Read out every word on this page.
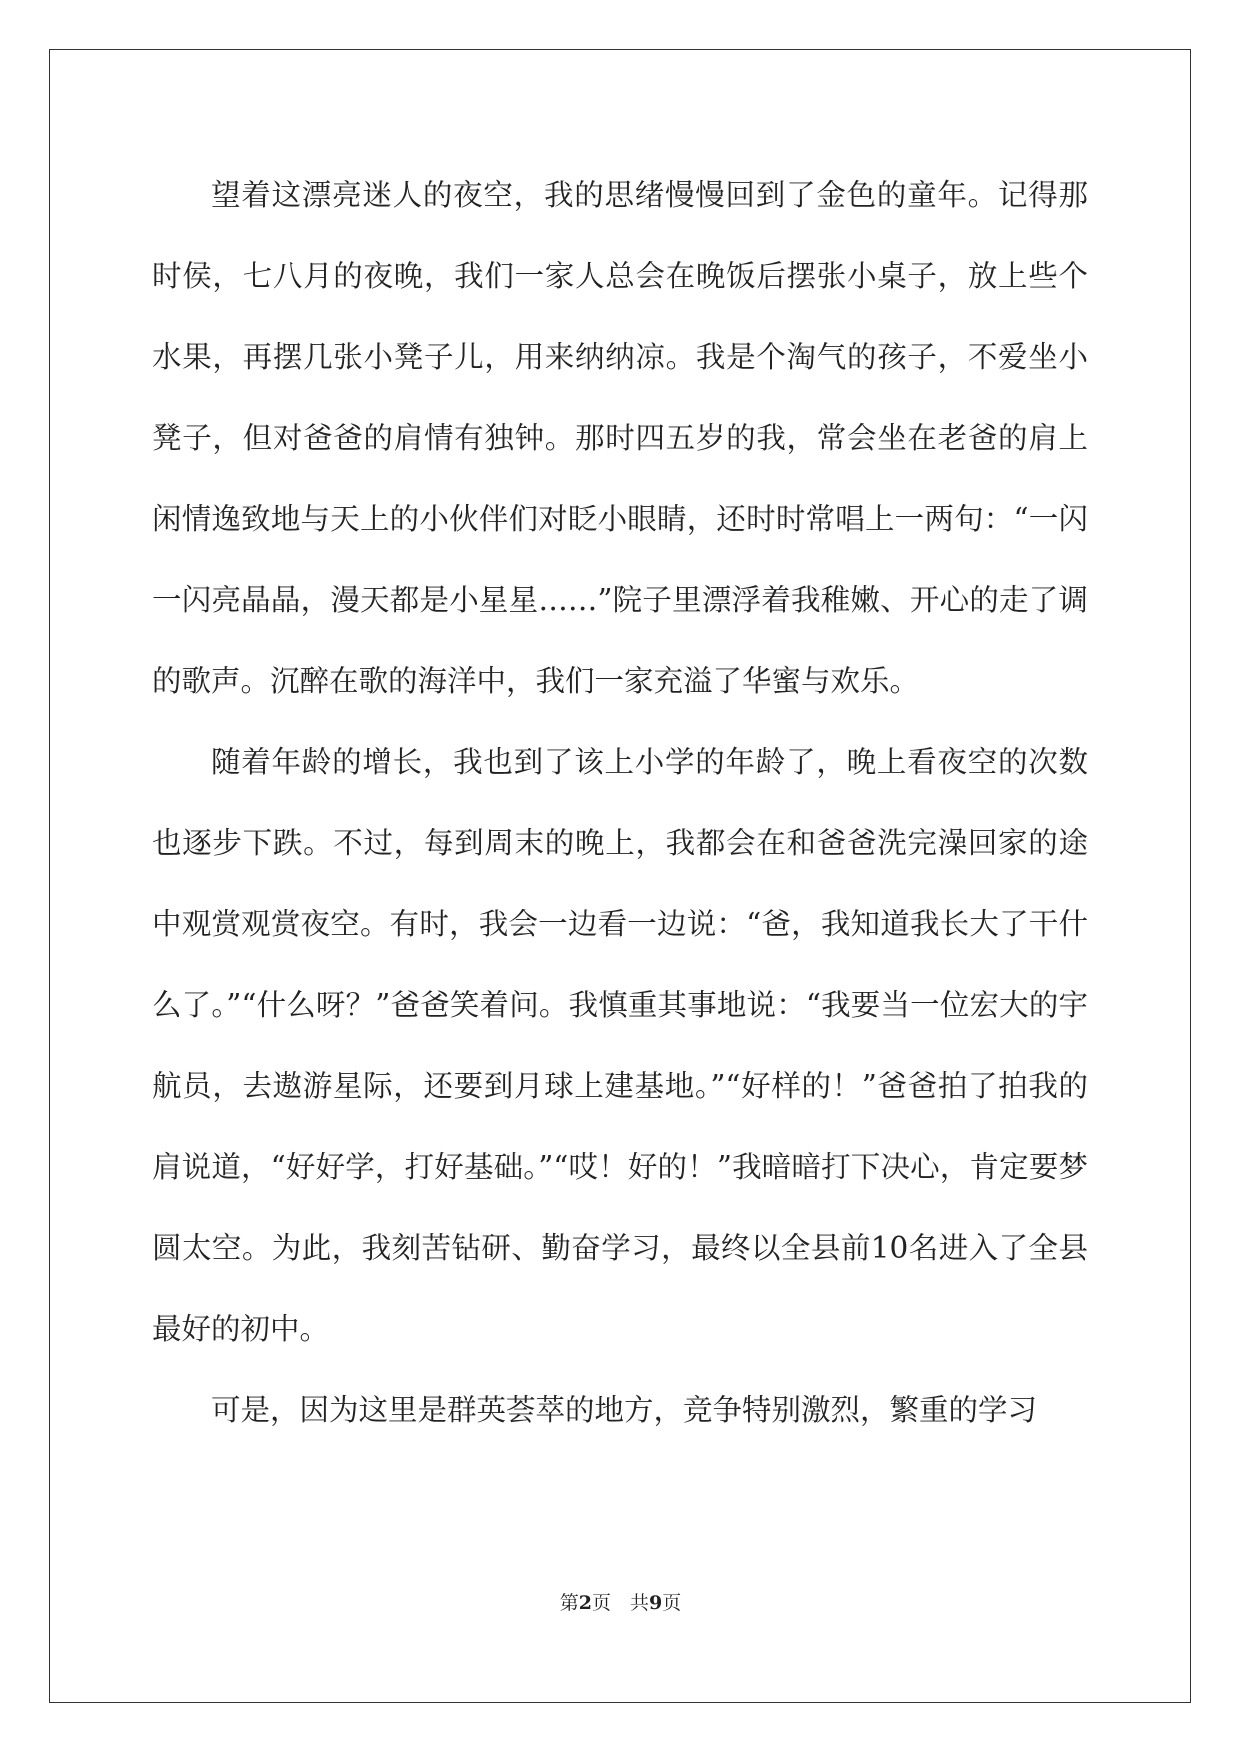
望着这漂亮迷人的夜空，我的思绪慢慢回到了金色的童年。记得那时侯，七八月的夜晚，我们一家人总会在晚饭后摆张小桌子，放上些个水果，再摆几张小凳子儿，用来纳纳凉。我是个淘气的孩子，不爱坐小凳子，但对爸爸的肩情有独钟。那时四五岁的我，常会坐在老爸的肩上闲情逸致地与天上的小伙伴们对眨小眼睛，还时时常唱上一两句：“一闪一闪亮晶晶，漫天都是小星星……”院子里漂浮着我稚嫩、开心的走了调的歌声。沉醉在歌的海洋中，我们一家充溢了华蜜与欢乐。

随着年龄的增长，我也到了该上小学的年龄了，晚上看夜空的次数也逐步下跌。不过，每到周末的晚上，我都会在和爸爸洗完澡回家的途中观赏观赏夜空。有时，我会一边看一边说：“爸，我知道我长大了干什么了。”“什么呀？”爸爸笑着问。我慎重其事地说：“我要当一位宏大的宇航员，去遨游星际，还要到月球上建基地。”“好样的！”爸爸拍了拍我的肩说道，“好好学，打好基础。”“哎！好的！”我暗暗打下决心，肯定要梦圆太空。为此，我刻苦钻研、勤奋学习，最终以全县前10名进入了全县最好的初中。

可是，因为这里是群英荟萃的地方，竞争特别激烈，繁重的学习

第2页　共9页
